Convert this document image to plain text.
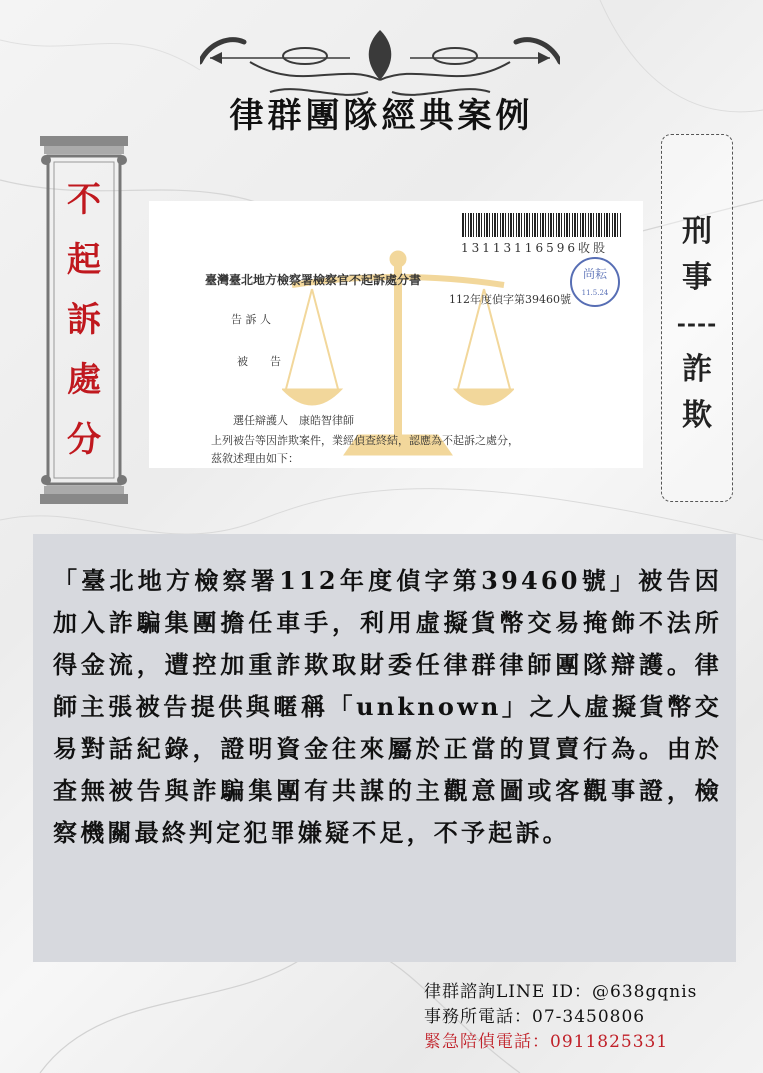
律群團隊經典案例
不
起
訴
處
分
13113116596收股
尚耘
11.5.24
臺灣臺北地方檢察署檢察官不起訴處分書
112年度偵字第39460號
告 訴 人
被　　告
選任辯護人　康皓智律師
上列被告等因詐欺案件，業經偵查終結，認應為不起訴之處分，
茲敘述理由如下：
刑
事
----
詐
欺

「臺北地方檢察署112年度偵字第39460號」被告因加入詐騙集團擔任車手，利用虛擬貨幣交易掩飾不法所得金流，遭控加重詐欺取財委任律群律師團隊辯護。律師主張被告提供與暱稱「unknown」之人虛擬貨幣交易對話紀錄，證明資金往來屬於正當的買賣行為。由於查無被告與詐騙集團有共謀的主觀意圖或客觀事證，檢察機關最終判定犯罪嫌疑不足，不予起訴。

律群諮詢LINE ID：@638gqnis
事務所電話：07-3450806
緊急陪偵電話：0911825331
